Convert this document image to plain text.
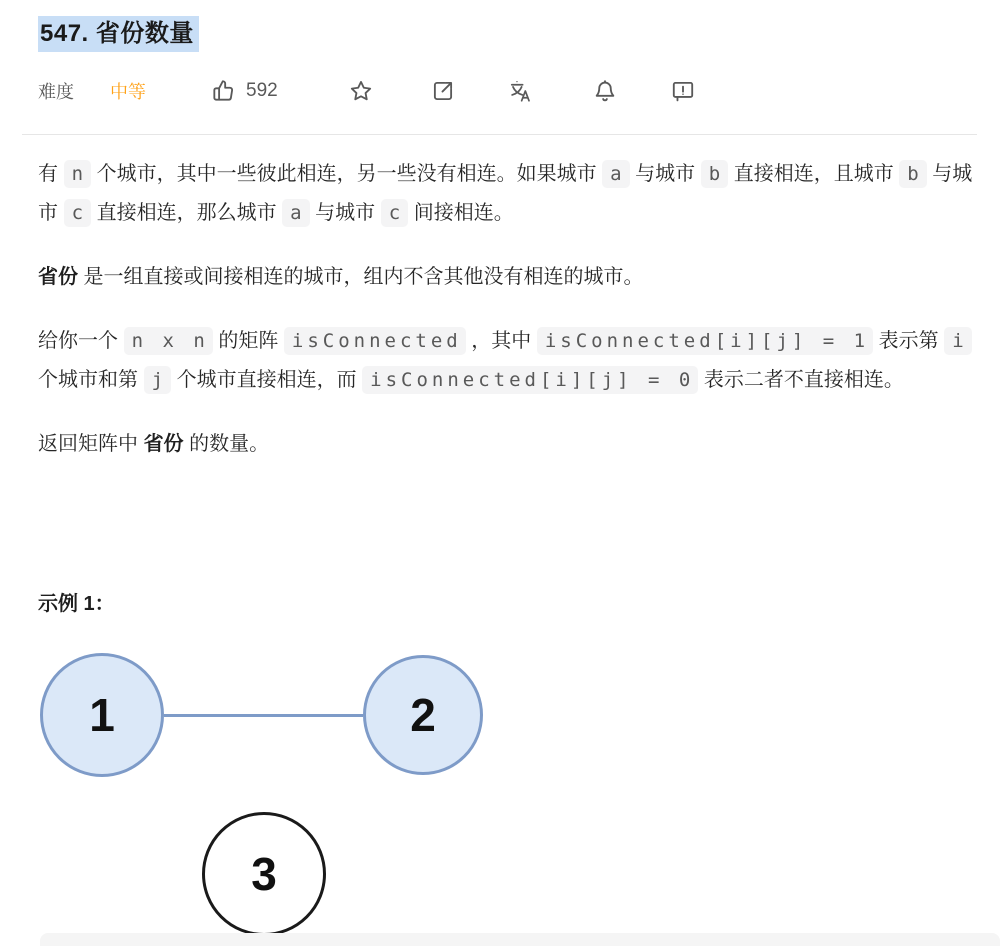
547. 省份数量
难度 中等	592

有 n 个城市，其中一些彼此相连，另一些没有相连。如果城市 a 与城市 b 直接相连，且城市 b 与城市 c 直接相连，那么城市 a 与城市 c 间接相连。

省份 是一组直接或间接相连的城市，组内不含其他没有相连的城市。

给你一个 n x n 的矩阵 isConnected ，其中 isConnected[i][j] = 1 表示第 i 个城市和第 j 个城市直接相连，而 isConnected[i][j] = 0 表示二者不直接相连。

返回矩阵中 省份 的数量。

示例 1：
1	2
3
